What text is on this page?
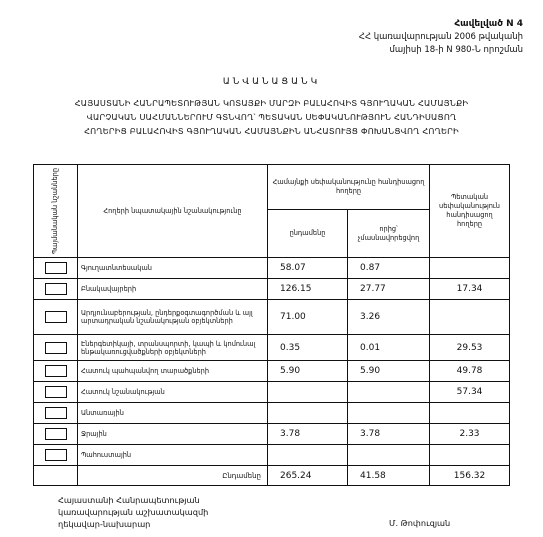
Հավելված N 4
ՀՀ կառավարության 2006 թվականի
մայիսի 18-ի N 980-Ն որոշման
ԱՆՎԱՆԱՑԱՆԿ
ՀԱՅԱՍՏԱՆԻ ՀԱՆՐԱՊԵՏՈՒԹՅԱՆ ԿՈՏԱՅՔԻ ՄԱՐԶԻ ԲԱԼԱՀՈՎԻՏ ԳՅՈՒՂԱԿԱՆ ՀԱՄԱՅՆՔԻ
ՎԱՐՉԱԿԱՆ ՍԱՀՄԱՆՆԵՐՈՒՄ ԳՏՆՎՈՂ՝ ՊԵՏԱԿԱՆ ՍԵՓԱԿԱՆՈՒԹՅՈՒՆ ՀԱՆԴԻՍԱՑՈՂ
ՀՈՂԵՐԻՑ ԲԱԼԱՀՈՎԻՏ ԳՅՈՒՂԱԿԱՆ ՀԱՄԱՅՆՔԻՆ ԱՆՀԱՏՈՒՅՑ ՓՈԽԱՆՑՎՈՂ ՀՈՂԵՐԻ
Պայմանական նշանները	Հողերի նպատակային նշանակությունը	Համայնքի սեփականությունը հանդիսացող հողերը		Պետական սեփականություն հանդիսացող հողերը
		ընդամենը	որից՝ չմասնավորեցվող	
	Գյուղատնտեսական	58.07	0.87	
	Բնակավայրերի	126.15	27.77	17.34
	Արդյունաբերության, ընդերքօգտագործման և այլ արտադրական նշանակության օբյեկտների	71.00	3.26	
	Էներգետիկայի, տրանսպորտի, կապի և կոմունալ ենթակառուցվածքների օբյեկտների	0.35	0.01	29.53
	Հատուկ պահպանվող տարածքների	5.90	5.90	49.78
	Հատուկ նշանակության			57.34
	Անտառային			
	Ջրային	3.78	3.78	2.33
	Պահուստային			
	Ընդամենը	265.24	41.58	156.32
Հայաստանի Հանրապետության
կառավարության աշխատակազմի
ղեկավար-նախարար	Մ. Թոփուզյան
